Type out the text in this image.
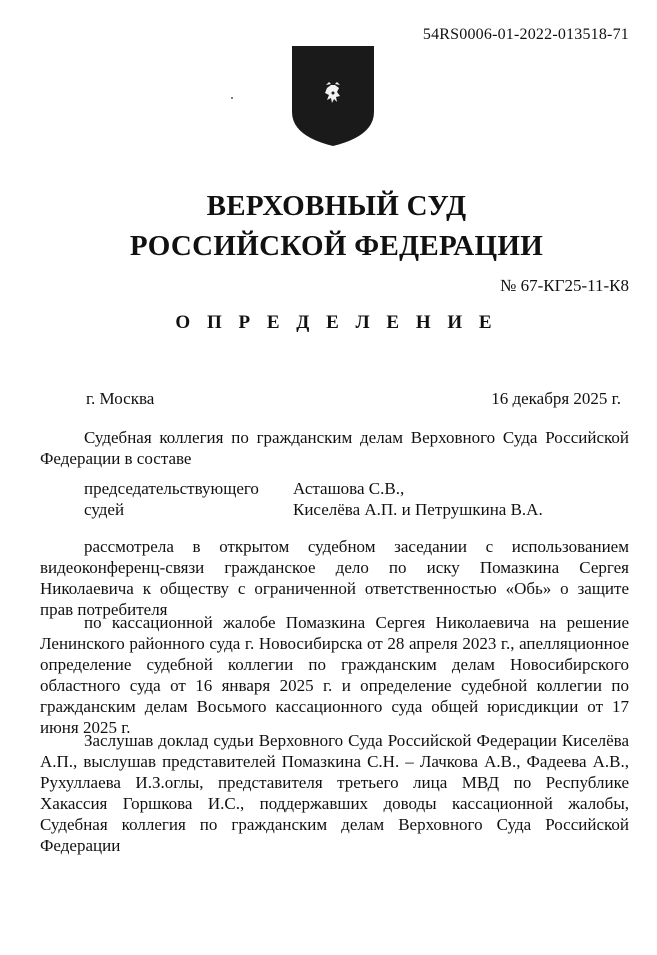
54RS0006-01-2022-013518-71
ВЕРХОВНЫЙ СУД
РОССИЙСКОЙ ФЕДЕРАЦИИ
№ 67-КГ25-11-К8
О П Р Е Д Е Л Е Н И Е
г. Москва	16 декабря 2025 г.

Судебная коллегия по гражданским делам Верховного Суда Российской Федерации в составе

председательствующего	Асташова С.В.,
судей	Киселёва А.П. и Петрушкина В.А.

рассмотрела в открытом судебном заседании с использованием видеоконференц-связи гражданское дело по иску Помазкина Сергея Николаевича к обществу с ограниченной ответственностью «Обь» о защите прав потребителя

по кассационной жалобе Помазкина Сергея Николаевича на решение Ленинского районного суда г. Новосибирска от 28 апреля 2023 г., апелляционное определение судебной коллегии по гражданским делам Новосибирского областного суда от 16 января 2025 г. и определение судебной коллегии по гражданским делам Восьмого кассационного суда общей юрисдикции от 17 июня 2025 г.

Заслушав доклад судьи Верховного Суда Российской Федерации Киселёва А.П., выслушав представителей Помазкина С.Н. – Лачкова А.В., Фадеева А.В., Рухуллаева И.З.оглы, представителя третьего лица МВД по Республике Хакассия Горшкова И.С., поддержавших доводы кассационной жалобы, Судебная коллегия по гражданским делам Верховного Суда Российской Федерации
